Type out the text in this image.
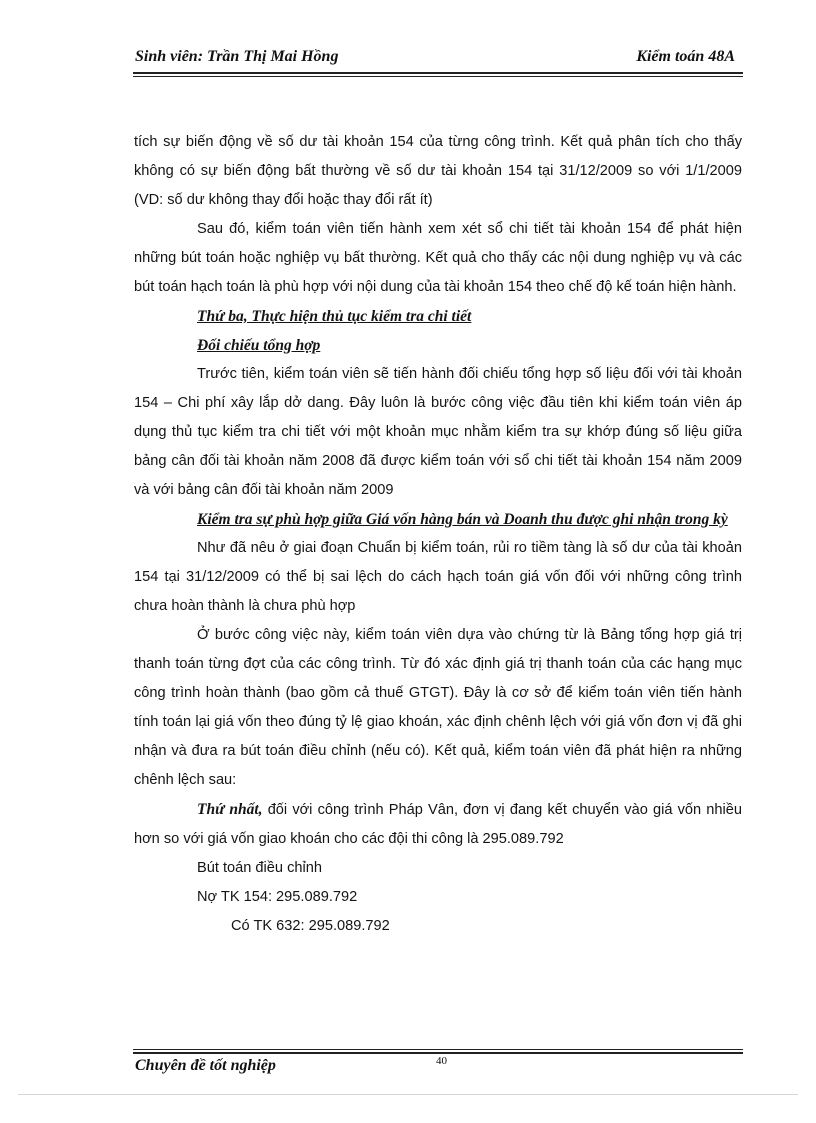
Sinh viên: Trần Thị Mai Hồng	Kiểm toán 48A

tích sự biến động về số dư tài khoản 154 của từng công trình. Kết quả phân tích cho thấy không có sự biến động bất thường về số dư tài khoản 154 tại 31/12/2009 so với 1/1/2009 (VD: số dư không thay đổi hoặc thay đổi rất ít)

Sau đó, kiểm toán viên tiến hành xem xét sổ chi tiết tài khoản 154 để phát hiện những bút toán hoặc nghiệp vụ bất thường. Kết quả cho thấy các nội dung nghiệp vụ và các bút toán hạch toán là phù hợp với nội dung của tài khoản 154 theo chế độ kế toán hiện hành.

Thứ ba, Thực hiện thủ tục kiểm tra chi tiết

Đối chiếu tổng hợp

Trước tiên, kiểm toán viên sẽ tiến hành đối chiếu tổng hợp số liệu đối với tài khoản 154 – Chi phí xây lắp dở dang. Đây luôn là bước công việc đầu tiên khi kiểm toán viên áp dụng thủ tục kiểm tra chi tiết với một khoản mục nhằm kiểm tra sự khớp đúng số liệu giữa bảng cân đối tài khoản năm 2008 đã được kiểm toán với sổ chi tiết tài khoản 154 năm 2009 và với bảng cân đối tài khoản năm 2009

Kiểm tra sự phù hợp giữa Giá vốn hàng bán và Doanh thu được ghi nhận trong kỳ

Như đã nêu ở giai đoạn Chuẩn bị kiểm toán, rủi ro tiềm tàng là số dư của tài khoản 154 tại 31/12/2009 có thể bị sai lệch do cách hạch toán giá vốn đối với những công trình chưa hoàn thành là chưa phù hợp

Ở bước công việc này, kiểm toán viên dựa vào chứng từ là Bảng tổng hợp giá trị thanh toán từng đợt của các công trình. Từ đó xác định giá trị thanh toán của các hạng mục công trình hoàn thành (bao gồm cả thuế GTGT). Đây là cơ sở để kiểm toán viên tiến hành tính toán lại giá vốn theo đúng tỷ lệ giao khoán, xác định chênh lệch với giá vốn đơn vị đã ghi nhận và đưa ra bút toán điều chỉnh (nếu có). Kết quả, kiểm toán viên đã phát hiện ra những chênh lệch sau:

Thứ nhất, đối với công trình Pháp Vân, đơn vị đang kết chuyển vào giá vốn nhiều hơn so với giá vốn giao khoán cho các đội thi công là 295.089.792

Bút toán điều chỉnh

Nợ TK 154: 295.089.792

Có TK 632: 295.089.792

40
Chuyên đề tốt nghiệp
